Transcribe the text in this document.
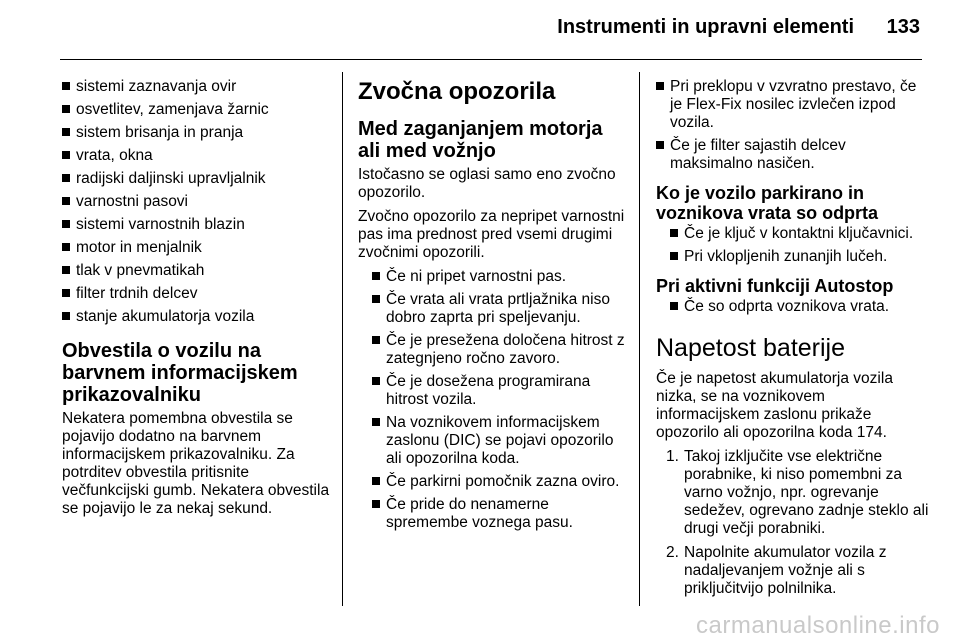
Instrumenti in upravni elementi 133
sistemi zaznavanja ovir
osvetlitev, zamenjava žarnic
sistem brisanja in pranja
vrata, okna
radijski daljinski upravljalnik
varnostni pasovi
sistemi varnostnih blazin
motor in menjalnik
tlak v pnevmatikah
filter trdnih delcev
stanje akumulatorja vozila
Obvestila o vozilu na barvnem informacijskem prikazovalniku

Nekatera pomembna obvestila se pojavijo dodatno na barvnem informacijskem prikazovalniku. Za potrditev obvestila pritisnite večfunkcijski gumb. Nekatera obvestila se pojavijo le za nekaj sekund.

Zvočna opozorila
Med zaganjanjem motorja ali med vožnjo

Istočasno se oglasi samo eno zvočno opozorilo.

Zvočno opozorilo za nepripet varnostni pas ima prednost pred vsemi drugimi zvočnimi opozorili.

Če ni pripet varnostni pas.
Če vrata ali vrata prtljažnika niso dobro zaprta pri speljevanju.
Če je presežena določena hitrost z zategnjeno ročno zavoro.
Če je dosežena programirana hitrost vozila.
Na voznikovem informacijskem zaslonu (DIC) se pojavi opozorilo ali opozorilna koda.
Če parkirni pomočnik zazna oviro.
Če pride do nenamerne spremembe voznega pasu.
Pri preklopu v vzvratno prestavo, če je Flex-Fix nosilec izvlečen izpod vozila.
Če je filter sajastih delcev maksimalno nasičen.
Ko je vozilo parkirano in voznikova vrata so odprta
Če je ključ v kontaktni ključavnici.
Pri vklopljenih zunanjih lučeh.
Pri aktivni funkciji Autostop
Če so odprta voznikova vrata.
Napetost baterije

Če je napetost akumulatorja vozila nizka, se na voznikovem informacijskem zaslonu prikaže opozorilo ali opozorilna koda 174.

1. Takoj izključite vse električne porabnike, ki niso pomembni za varno vožnjo, npr. ogrevanje sedežev, ogrevano zadnje steklo ali drugi večji porabniki.
2. Napolnite akumulator vozila z nadaljevanjem vožnje ali s priključitvijo polnilnika.
carmanualsonline.info
